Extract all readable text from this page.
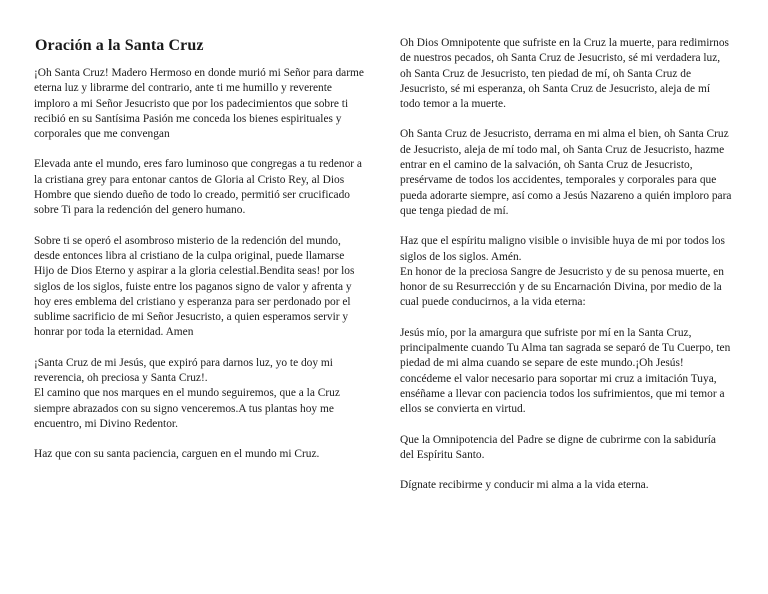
Oración a la Santa Cruz

¡Oh Santa Cruz! Madero Hermoso en donde murió mi Señor para darme eterna luz y librarme del contrario, ante ti me humillo y reverente imploro a mi Señor Jesucristo que por los padecimientos que sobre ti recibió en su Santísima Pasión me conceda los bienes espirituales y corporales que me convengan

Elevada ante el mundo, eres faro luminoso que congregas a tu redenor a la cristiana grey para entonar cantos de Gloria al Cristo Rey, al Dios Hombre que siendo dueño de todo lo creado, permitió ser crucificado sobre Ti para la redención del genero humano.

Sobre ti se operó el asombroso misterio de la redención del mundo, desde entonces libra al cristiano de la culpa original, puede llamarse Hijo de Dios Eterno y aspirar a la gloria celestial.Bendita seas! por los siglos de los siglos, fuiste entre los paganos signo de valor y afrenta y hoy eres emblema del cristiano y esperanza para ser perdonado por el sublime sacrificio de mi Señor Jesucristo, a quien esperamos servir y honrar por toda la eternidad. Amen

¡Santa Cruz de mi Jesús, que expiró para darnos luz, yo te doy mi reverencia, oh preciosa y Santa Cruz!.
El camino que nos marques en el mundo seguiremos, que a la Cruz siempre abrazados con su signo venceremos.A tus plantas hoy me encuentro, mi Divino Redentor.

Haz que con su santa paciencia, carguen en el mundo mi Cruz.

Oh Dios Omnipotente que sufriste en la Cruz la muerte, para redimirnos de nuestros pecados, oh Santa Cruz de Jesucristo, sé mi verdadera luz, oh Santa Cruz de Jesucristo, ten piedad de mí, oh Santa Cruz de Jesucristo, sé mi esperanza, oh Santa Cruz de Jesucristo, aleja de mí todo temor a la muerte.

Oh Santa Cruz de Jesucristo, derrama en mi alma el bien, oh Santa Cruz de Jesucristo, aleja de mí todo mal, oh Santa Cruz de Jesucristo, hazme entrar en el camino de la salvación, oh Santa Cruz de Jesucristo, presérvame de todos los accidentes, temporales y corporales para que pueda adorarte siempre, así como a Jesús Nazareno a quién imploro para que tenga piedad de mí.

Haz que el espíritu maligno visible o invisible huya de mi por todos los siglos de los siglos. Amén.
En honor de la preciosa Sangre de Jesucristo y de su penosa muerte, en honor de su Resurrección y de su Encarnación Divina, por medio de la cual puede conducirnos, a la vida eterna:

Jesús mío, por la amargura que sufriste por mí en la Santa Cruz, principalmente cuando Tu Alma tan sagrada se separó de Tu Cuerpo, ten piedad de mi alma cuando se separe de este mundo.¡Oh Jesús! concédeme el valor necesario para soportar mi cruz a imitación Tuya, enséñame a llevar con paciencia todos los sufrimientos, que mi temor a ellos se convierta en virtud.

Que la Omnipotencia del Padre se digne de cubrirme con la sabiduría del Espíritu Santo.

Dígnate recibirme y conducir mi alma a la vida eterna.
